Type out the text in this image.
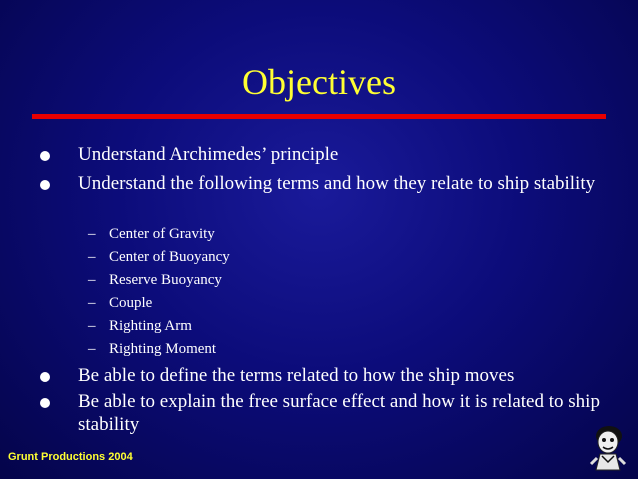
Objectives
Understand Archimedes’ principle
Understand the following terms and how they relate to ship stability
– Center of Gravity
– Center of Buoyancy
– Reserve Buoyancy
– Couple
– Righting Arm
– Righting Moment
Be able to define the terms related to how the ship moves
Be able to explain the free surface effect and how it is related to ship stability
Grunt Productions 2004
